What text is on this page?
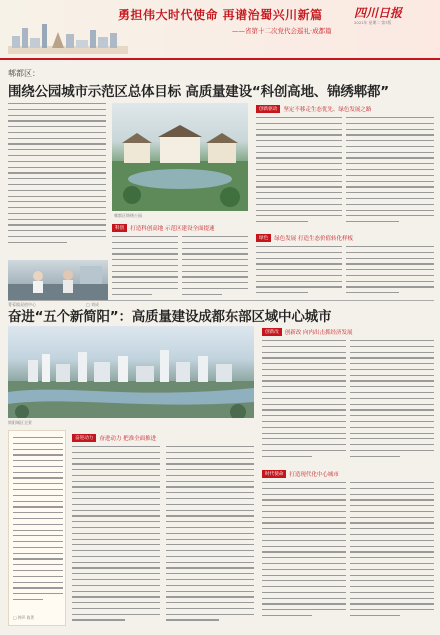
勇担伟大时代使命 再谱治蜀兴川新篇
——省第十二次党代会巡礼·成都篇
四川日报
2021年 星期二 第7版
郫都区：
围绕公园城市示范区总体目标 高质量建设“科创高地、锦绣郫都”
菁蓉镇双创中心	□ 刘成
郫都区锦绣公园
创新驱动	坚定不移走生态优先、绿色发展之路
绿色	绿色发展 打造生态价值转化样板
科创	打造科创高地 示范区建设全面提速
奋进“五个新简阳”：高质量建设成都东部区域中心城市
简阳城区全景
创新改	创新改 向内出击抓经济发展
□ 钟声 陈菁
奋进动力	奋进动力 把准全面推进
时代使命	打造现代化中心城市
